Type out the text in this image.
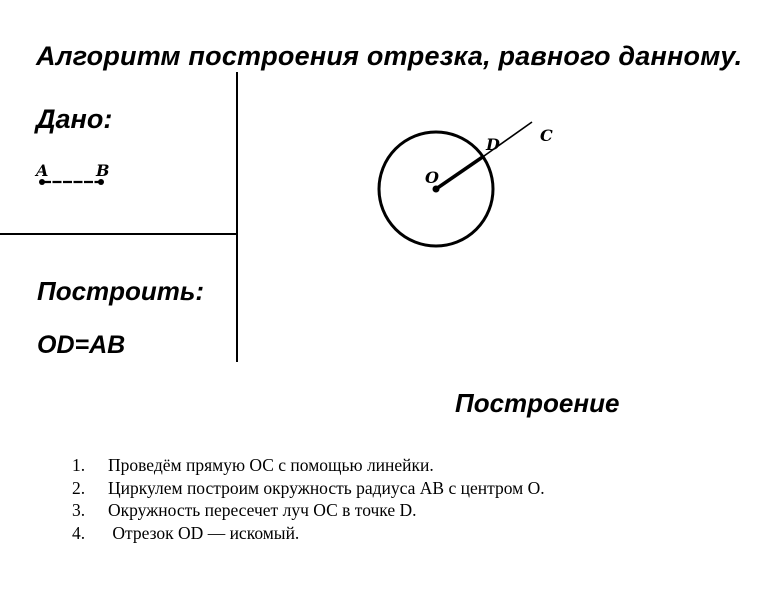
Алгоритм построения отрезка, равного данному.
Дано:
A	B	O
D	C
Построить:
OD=AB
Построение
1. Проведём прямую ОС с помощью линейки.
2. Циркулем построим окружность радиуса АВ с центром О.
3. Окружность пересечет луч ОС в точке D.
4. Отрезок OD — искомый.
